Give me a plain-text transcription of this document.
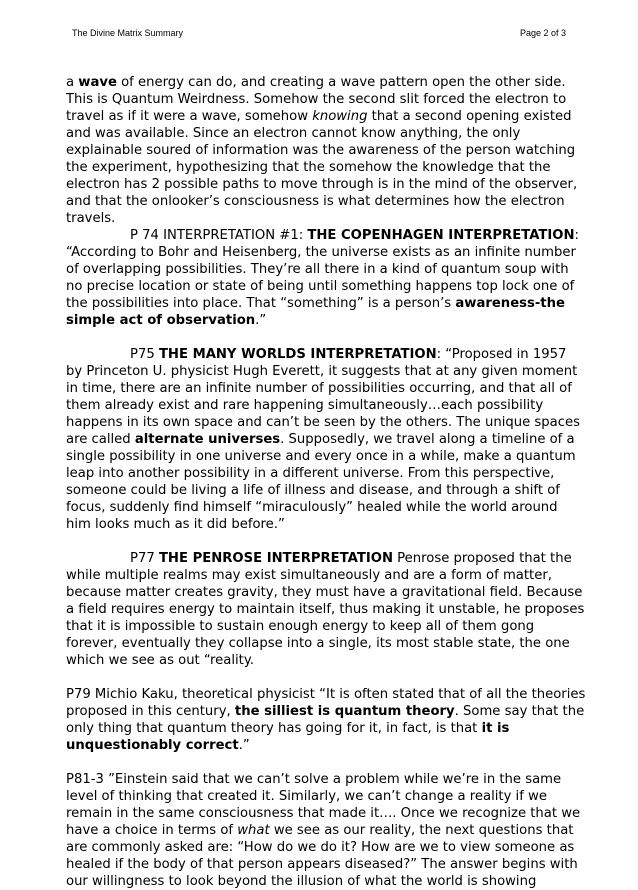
The Divine Matrix Summary	Page 2 of 3

a wave of energy can do, and creating a wave pattern open the other side. This is Quantum Weirdness. Somehow the second slit forced the electron to travel as if it were a wave, somehow knowing that a second opening existed and was available. Since an electron cannot know anything, the only explainable soured of information was the awareness of the person watching the experiment, hypothesizing that the somehow the knowledge that the electron has 2 possible paths to move through is in the mind of the observer, and that the onlooker’s consciousness is what determines how the electron travels.

P 74 INTERPRETATION #1: THE COPENHAGEN INTERPRETATION: “According to Bohr and Heisenberg, the universe exists as an infinite number of overlapping possibilities. They’re all there in a kind of quantum soup with no precise location or state of being until something happens top lock one of the possibilities into place. That “something” is a person’s awareness-the simple act of observation.”

P75 THE MANY WORLDS INTERPRETATION: “Proposed in 1957 by Princeton U. physicist Hugh Everett, it suggests that at any given moment in time, there are an infinite number of possibilities occurring, and that all of them already exist and rare happening simultaneously…each possibility happens in its own space and can’t be seen by the others. The unique spaces are called alternate universes. Supposedly, we travel along a timeline of a single possibility in one universe and every once in a while, make a quantum leap into another possibility in a different universe. From this perspective, someone could be living a life of illness and disease, and through a shift of focus, suddenly find himself “miraculously” healed while the world around him looks much as it did before.”

P77 THE PENROSE INTERPRETATION Penrose proposed that the while multiple realms may exist simultaneously and are a form of matter, because matter creates gravity, they must have a gravitational field. Because a field requires energy to maintain itself, thus making it unstable, he proposes that it is impossible to sustain enough energy to keep all of them gong forever, eventually they collapse into a single, its most stable state, the one which we see as out “reality.

P79 Michio Kaku, theoretical physicist “It is often stated that of all the theories proposed in this century, the silliest is quantum theory. Some say that the only thing that quantum theory has going for it, in fact, is that it is unquestionably correct.”

P81-3 ”Einstein said that we can’t solve a problem while we’re in the same level of thinking that created it. Similarly, we can’t change a reality if we remain in the same consciousness that made it…. Once we recognize that we have a choice in terms of what we see as our reality, the next questions that are commonly asked are: “How do we do it? How are we to view someone as healed if the body of that person appears diseased?” The answer begins with our willingness to look beyond the illusion of what the world is showing
